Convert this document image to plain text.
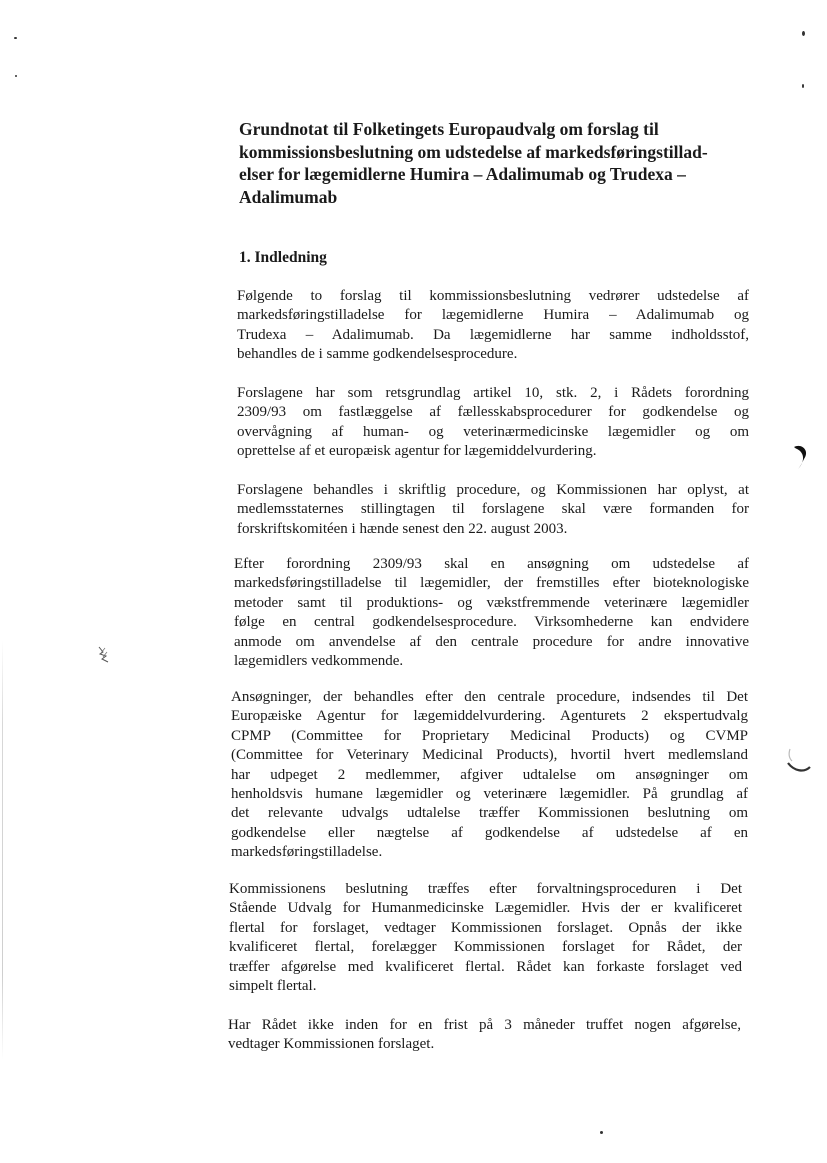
Grundnotat til Folketingets Europaudvalg om forslag til
kommissionsbeslutning om udstedelse af markedsføringstillad-
elser for lægemidlerne Humira – Adalimumab og Trudexa –
Adalimumab
1. Indledning

Følgende to forslag til kommissionsbeslutning vedrører udstedelse af
markedsføringstilladelse for lægemidlerne Humira – Adalimumab og
Trudexa – Adalimumab. Da lægemidlerne har samme indholdsstof,
behandles de i samme godkendelsesprocedure.

Forslagene har som retsgrundlag artikel 10, stk. 2, i Rådets forordning
2309/93 om fastlæggelse af fællesskabsprocedurer for godkendelse og
overvågning af human- og veterinærmedicinske lægemidler og om
oprettelse af et europæisk agentur for lægemiddelvurdering.

Forslagene behandles i skriftlig procedure, og Kommissionen har oplyst, at
medlemsstaternes stillingtagen til forslagene skal være formanden for
forskriftskomitéen i hænde senest den 22. august 2003.

Efter forordning 2309/93 skal en ansøgning om udstedelse af
markedsføringstilladelse til lægemidler, der fremstilles efter bioteknologiske
metoder samt til produktions- og vækstfremmende veterinære lægemidler
følge en central godkendelsesprocedure. Virksomhederne kan endvidere
anmode om anvendelse af den centrale procedure for andre innovative
lægemidlers vedkommende.

Ansøgninger, der behandles efter den centrale procedure, indsendes til Det
Europæiske Agentur for lægemiddelvurdering. Agenturets 2 ekspertudvalg
CPMP (Committee for Proprietary Medicinal Products) og CVMP
(Committee for Veterinary Medicinal Products), hvortil hvert medlemsland
har udpeget 2 medlemmer, afgiver udtalelse om ansøgninger om
henholdsvis humane lægemidler og veterinære lægemidler. På grundlag af
det relevante udvalgs udtalelse træffer Kommissionen beslutning om
godkendelse eller nægtelse af godkendelse af udstedelse af en
markedsføringstilladelse.

Kommissionens beslutning træffes efter forvaltningsproceduren i Det
Stående Udvalg for Humanmedicinske Lægemidler. Hvis der er kvalificeret
flertal for forslaget, vedtager Kommissionen forslaget. Opnås der ikke
kvalificeret flertal, forelægger Kommissionen forslaget for Rådet, der
træffer afgørelse med kvalificeret flertal. Rådet kan forkaste forslaget ved
simpelt flertal.

Har Rådet ikke inden for en frist på 3 måneder truffet nogen afgørelse,
vedtager Kommissionen forslaget.
